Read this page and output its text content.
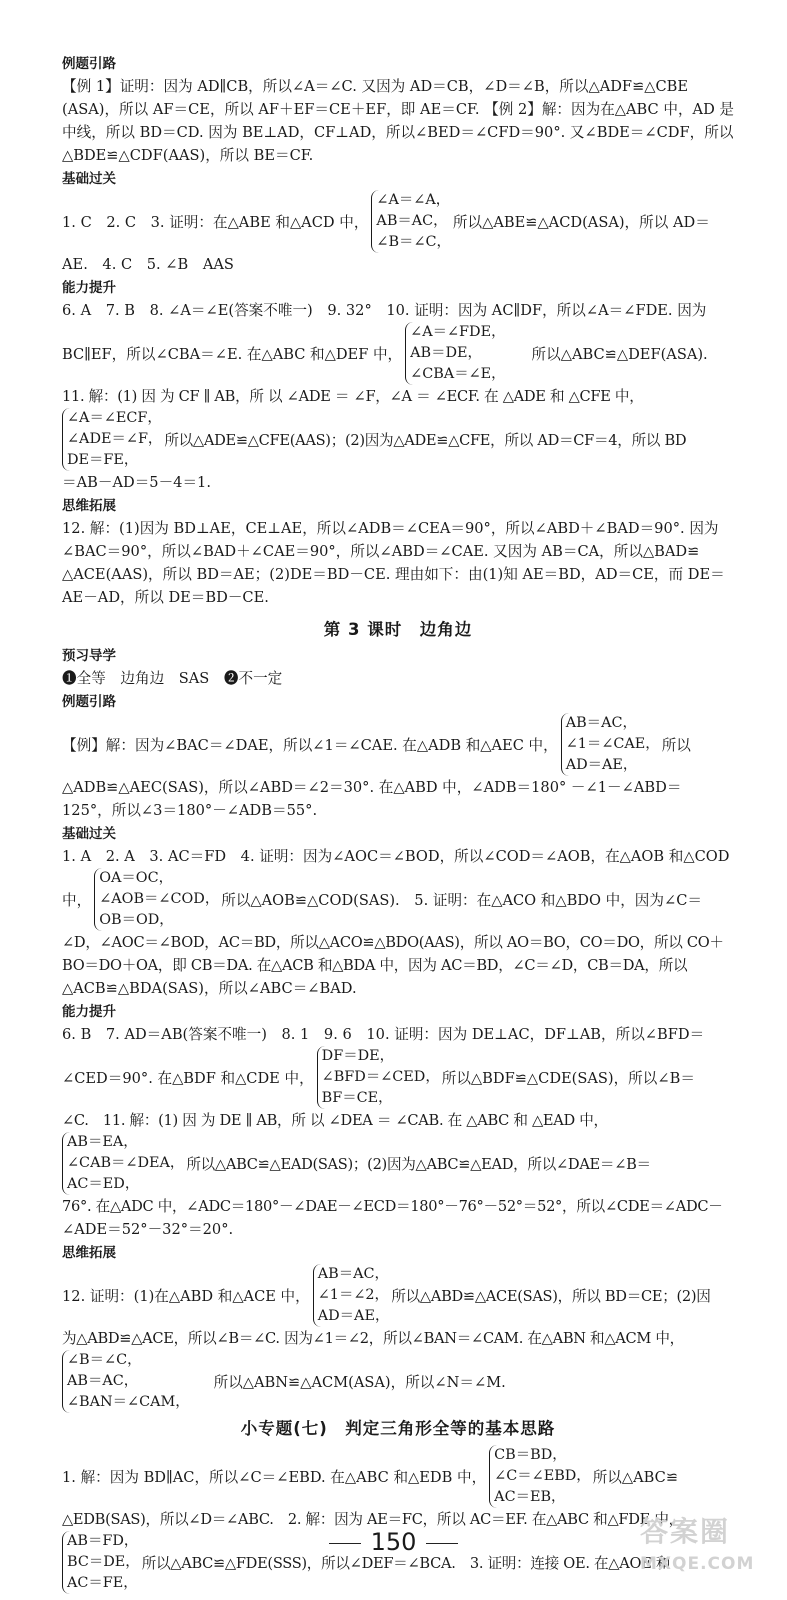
例题引路
【例 1】证明：因为 AD∥CB，所以∠A＝∠C. 又因为 AD＝CB，∠D＝∠B，所以△ADF≌△CBE
(ASA)，所以 AF＝CE，所以 AF＋EF＝CE＋EF，即 AE＝CF. 【例 2】解：因为在△ABC 中，AD 是
中线，所以 BD＝CD. 因为 BE⊥AD，CF⊥AD，所以∠BED＝∠CFD＝90°. 又∠BDE＝∠CDF，所以
△BDE≌△CDF(AAS)，所以 BE＝CF.
基础过关
1. C　2. C　3. 证明：在△ABE 和△ACD 中，
∠A＝∠A，
AB＝AC，
∠B＝∠C，
所以△ABE≌△ACD(ASA)，所以 AD＝
AE.　4. C　5. ∠B　AAS
能力提升
6. A　7. B　8. ∠A＝∠E(答案不唯一)　9. 32°　10. 证明：因为 AC∥DF，所以∠A＝∠FDE. 因为
BC∥EF，所以∠CBA＝∠E. 在△ABC 和△DEF 中，
∠A＝∠FDE，
AB＝DE，
∠CBA＝∠E，
所以△ABC≌△DEF(ASA).
11. 解：(1) 因 为 CF ∥ AB，所 以 ∠ADE ＝ ∠F，∠A ＝ ∠ECF. 在 △ADE 和 △CFE 中，
∠A＝∠ECF，
∠ADE＝∠F，
DE＝FE，
所以△ADE≌△CFE(AAS)；(2)因为△ADE≌△CFE，所以 AD＝CF＝4，所以 BD
＝AB－AD＝5－4＝1.
思维拓展
12. 解：(1)因为 BD⊥AE，CE⊥AE，所以∠ADB＝∠CEA＝90°，所以∠ABD＋∠BAD＝90°. 因为
∠BAC＝90°，所以∠BAD＋∠CAE＝90°，所以∠ABD＝∠CAE. 又因为 AB＝CA，所以△BAD≌
△ACE(AAS)，所以 BD＝AE；(2)DE＝BD－CE. 理由如下：由(1)知 AE＝BD，AD＝CE，而 DE＝
AE－AD，所以 DE＝BD－CE.
第 3 课时　边角边
预习导学
❶全等　边角边　SAS　❷不一定
例题引路
【例】解：因为∠BAC＝∠DAE，所以∠1＝∠CAE. 在△ADB 和△AEC 中，
AB＝AC，
∠1＝∠CAE，
AD＝AE，
所以
△ADB≌△AEC(SAS)，所以∠ABD＝∠2＝30°. 在△ABD 中，∠ADB＝180° －∠1－∠ABD＝
125°，所以∠3＝180°－∠ADB＝55°.
基础过关
1. A　2. A　3. AC＝FD　4. 证明：因为∠AOC＝∠BOD，所以∠COD＝∠AOB，在△AOB 和△COD
中，
OA＝OC，
∠AOB＝∠COD，
OB＝OD，
所以△AOB≌△COD(SAS).　5. 证明：在△ACO 和△BDO 中，因为∠C＝
∠D，∠AOC＝∠BOD，AC＝BD，所以△ACO≌△BDO(AAS)，所以 AO＝BO，CO＝DO，所以 CO＋
BO＝DO＋OA，即 CB＝DA. 在△ACB 和△BDA 中，因为 AC＝BD，∠C＝∠D，CB＝DA，所以
△ACB≌△BDA(SAS)，所以∠ABC＝∠BAD.
能力提升
6. B　7. AD＝AB(答案不唯一)　8. 1　9. 6　10. 证明：因为 DE⊥AC，DF⊥AB，所以∠BFD＝
∠CED＝90°. 在△BDF 和△CDE 中，
DF＝DE，
∠BFD＝∠CED，
BF＝CE，
所以△BDF≌△CDE(SAS)，所以∠B＝
∠C.　11. 解：(1) 因 为 DE ∥ AB，所 以 ∠DEA ＝ ∠CAB. 在 △ABC 和 △EAD 中，
AB＝EA，
∠CAB＝∠DEA，
AC＝ED，
所以△ABC≌△EAD(SAS)；(2)因为△ABC≌△EAD，所以∠DAE＝∠B＝
76°. 在△ADC 中，∠ADC＝180°－∠DAE－∠ECD＝180°－76°－52°＝52°，所以∠CDE＝∠ADC－
∠ADE＝52°－32°＝20°.
思维拓展
12. 证明：(1)在△ABD 和△ACE 中，
AB＝AC，
∠1＝∠2，
AD＝AE，
所以△ABD≌△ACE(SAS)，所以 BD＝CE；(2)因
为△ABD≌△ACE，所以∠B＝∠C. 因为∠1＝∠2，所以∠BAN＝∠CAM. 在△ABN 和△ACM 中，
∠B＝∠C，
AB＝AC，
∠BAN＝∠CAM，
所以△ABN≌△ACM(ASA)，所以∠N＝∠M.
小专题(七)　判定三角形全等的基本思路
1. 解：因为 BD∥AC，所以∠C＝∠EBD. 在△ABC 和△EDB 中，
CB＝BD，
∠C＝∠EBD，
AC＝EB，
所以△ABC≌
△EDB(SAS)，所以∠D＝∠ABC.　2. 解：因为 AE＝FC，所以 AC＝EF. 在△ABC 和△FDE 中，
AB＝FD，
BC＝DE，
AC＝FE，
所以△ABC≌△FDE(SSS)，所以∠DEF＝∠BCA.　3. 证明：连接 OE. 在△AOE 和
150	答案圈
MXQE.COM
